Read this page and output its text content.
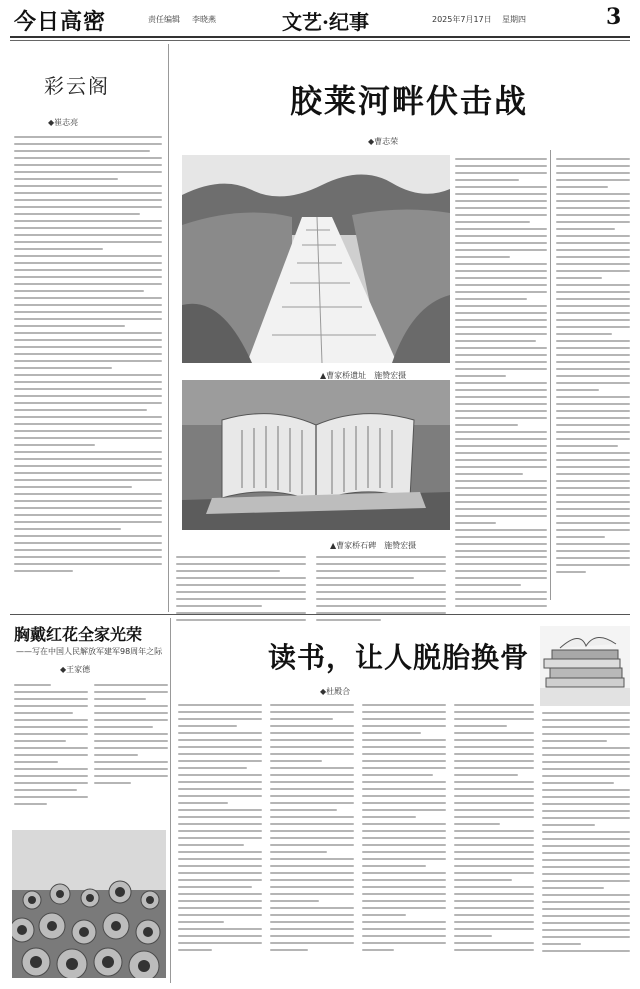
今日高密	责任编辑 李晓燕	文艺·纪事	2025年7月17日 星期四	3
彩云阁
◆崔志亮
胶莱河畔伏击战
◆曹志荣
▲曹家桥遗址　施赞宏摄
▲曹家桥石碑　施赞宏摄
胸戴红花全家光荣
——写在中国人民解放军建军98周年之际
◆王家德	读书，让人脱胎换骨
◆杜殿合
